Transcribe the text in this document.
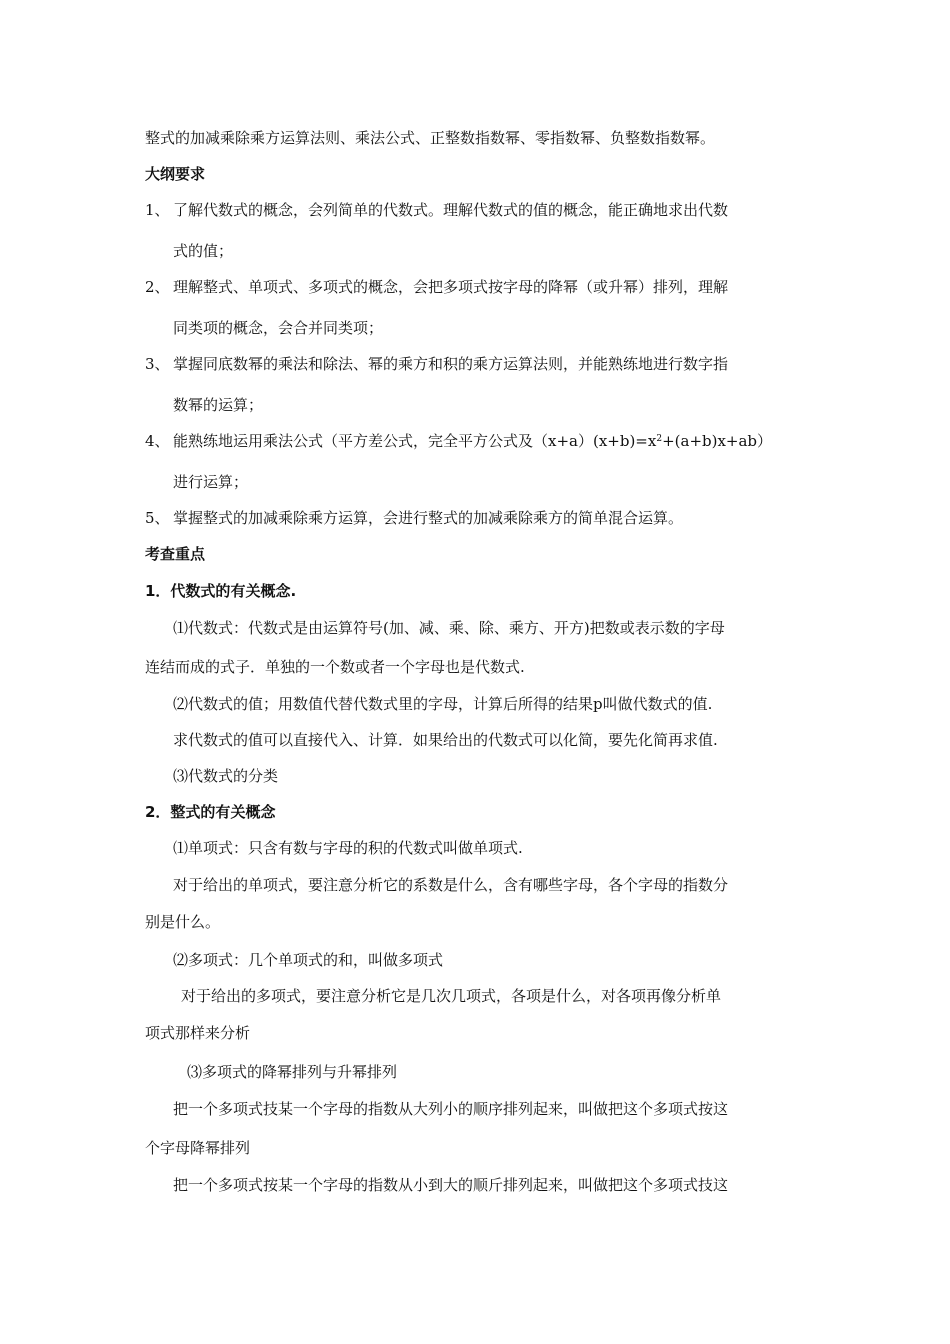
整式的加减乘除乘方运算法则、乘法公式、正整数指数幂、零指数幂、负整数指数幂。
大纲要求
1、 了解代数式的概念，会列简单的代数式。理解代数式的值的概念，能正确地求出代数
式的值；
2、 理解整式、单项式、多项式的概念，会把多项式按字母的降幂（或升幂）排列，理解
同类项的概念，会合并同类项；
3、 掌握同底数幂的乘法和除法、幂的乘方和积的乘方运算法则，并能熟练地进行数字指
数幂的运算；
4、 能熟练地运用乘法公式（平方差公式，完全平方公式及$(x+a)(x+b)=x^2+(a+b)x+ab$）
进行运算；
5、 掌握整式的加减乘除乘方运算，会进行整式的加减乘除乘方的简单混合运算。
考查重点
1．代数式的有关概念.
⑴代数式：代数式是由运算符号(加、减、乘、除、乘方、开方)把数或表示数的字母
连结而成的式子．单独的一个数或者一个字母也是代数式.
⑵代数式的值；用数值代替代数式里的字母，计算后所得的结果p叫做代数式的值.
求代数式的值可以直接代入、计算．如果给出的代数式可以化简，要先化简再求值.
⑶代数式的分类
2．整式的有关概念
⑴单项式：只含有数与字母的积的代数式叫做单项式.
对于给出的单项式，要注意分析它的系数是什么，含有哪些字母，各个字母的指数分
别是什么。
⑵多项式：几个单项式的和，叫做多项式
对于给出的多项式，要注意分析它是几次几项式，各项是什么，对各项再像分析单
项式那样来分析
⑶多项式的降幂排列与升幂排列
把一个多项式技某一个字母的指数从大列小的顺序排列起来，叫做把这个多项式按这
个字母降幂排列
把一个多项式按某一个字母的指数从小到大的顺斤排列起来，叫做把这个多项式技这
